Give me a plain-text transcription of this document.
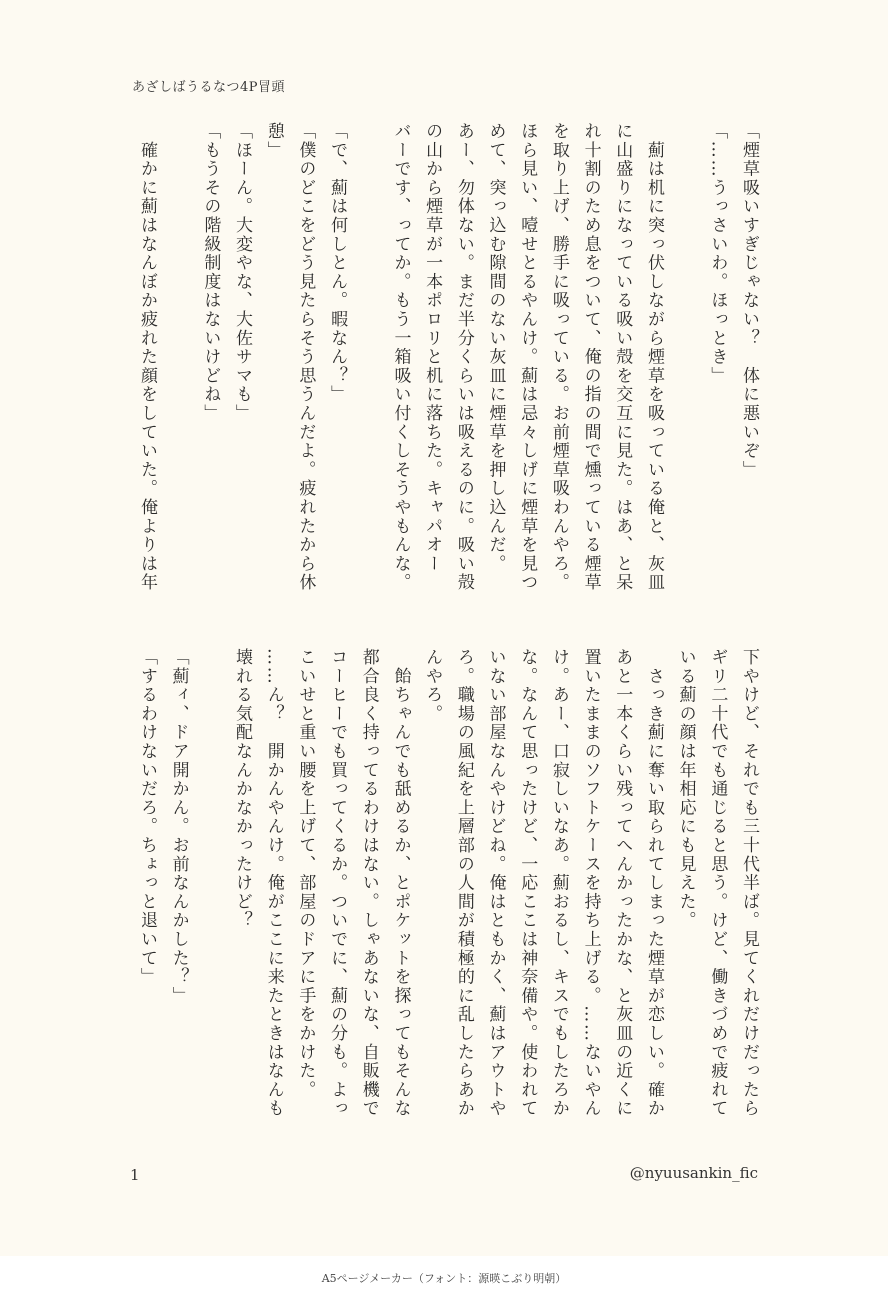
あざしばうるなつ4P冒頭
「煙草吸いすぎじゃない？　体に悪いぞ」
「……うっさいわ。ほっとき」
　薊は机に突っ伏しながら煙草を吸っている俺と、灰皿
に山盛りになっている吸い殻を交互に見た。はあ、と呆
れ十割のため息をついて、俺の指の間で燻っている煙草
を取り上げ、勝手に吸っている。お前煙草吸わんやろ。
ほら見い、噎せとるやんけ。薊は忌々しげに煙草を見つ
めて、突っ込む隙間のない灰皿に煙草を押し込んだ。
あー、勿体ない。まだ半分くらいは吸えるのに。吸い殻
の山から煙草が一本ポロリと机に落ちた。キャパオー
バーです、ってか。もう一箱吸い付くしそうやもんな。
「で、薊は何しとん。暇なん？」
「僕のどこをどう見たらそう思うんだよ。疲れたから休
憩」
「ほーん。大変やな、大佐サマも」
「もうその階級制度はないけどね」
　確かに薊はなんぼか疲れた顔をしていた。俺よりは年
下やけど、それでも三十代半ば。見てくれだけだったら
ギリ二十代でも通じると思う。けど、働きづめで疲れて
いる薊の顔は年相応にも見えた。
　さっき薊に奪い取られてしまった煙草が恋しい。確か
あと一本くらい残ってへんかったかな、と灰皿の近くに
置いたままのソフトケースを持ち上げる。……ないやん
け。あー、口寂しいなあ。薊おるし、キスでもしたろか
な。なんて思ったけど、一応ここは神奈備や。使われて
いない部屋なんやけどね。俺はともかく、薊はアウトや
ろ。職場の風紀を上層部の人間が積極的に乱したらあか
んやろ。
　飴ちゃんでも舐めるか、とポケットを探ってもそんな
都合良く持ってるわけはない。しゃあないな、自販機で
コーヒーでも買ってくるか。ついでに、薊の分も。よっ
こいせと重い腰を上げて、部屋のドアに手をかけた。
……ん？　開かんやんけ。俺がここに来たときはなんも
壊れる気配なんかなかったけど？
「薊ィ、ドア開かん。お前なんかした？」
「するわけないだろ。ちょっと退いて」
1	@nyuusankin_fic
A5ページメーカー（フォント：源暎こぶり明朝）
